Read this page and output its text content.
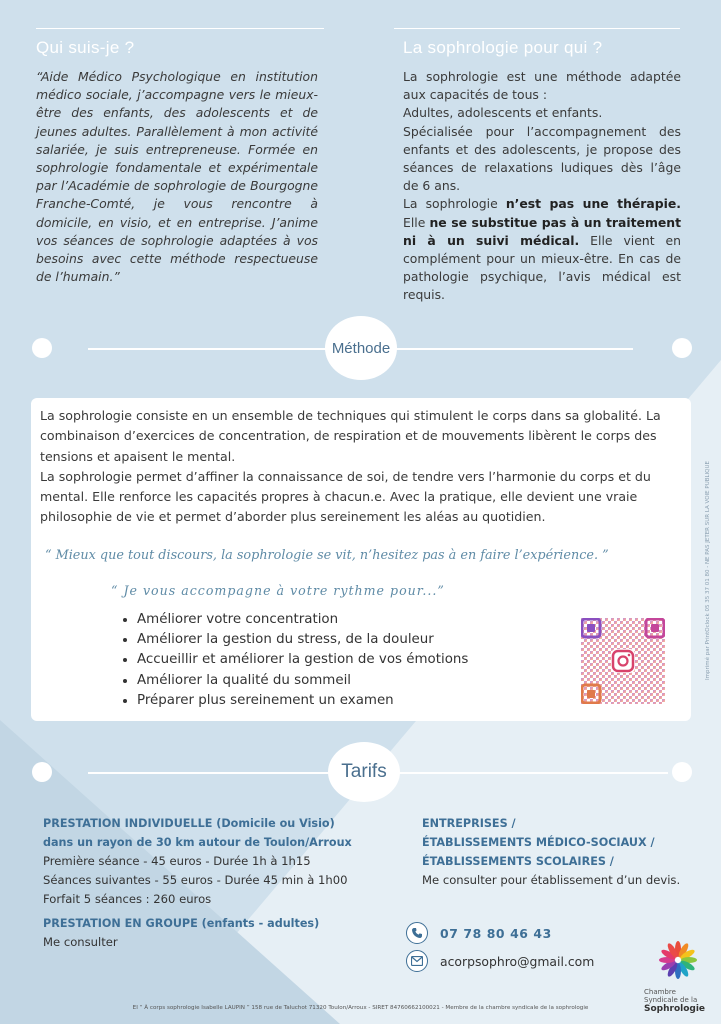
Qui suis-je ?
“Aide Médico Psychologique en institution médico sociale, j’accompagne vers le mieux-être des enfants, des adolescents et de jeunes adultes. Parallèlement à mon activité salariée, je suis entrepreneuse. Formée en sophrologie fondamentale et expérimentale par l’Académie de sophrologie de Bourgogne Franche-Comté, je vous rencontre à domicile, en visio, et en entreprise. J’anime vos séances de sophrologie adaptées à vos besoins avec cette méthode respectueuse de l’humain.”
La sophrologie pour qui ?

La sophrologie est une méthode adaptée aux capacités de tous :

Adultes, adolescents et enfants.

Spécialisée pour l’accompagnement des enfants et des adolescents, je propose des séances de relaxations ludiques dès l’âge de 6 ans.

La sophrologie n’est pas une thérapie. Elle ne se substitue pas à un traitement ni à un suivi médical. Elle vient en complément pour un mieux-être. En cas de pathologie psychique, l’avis médical est requis.

Méthode

La sophrologie consiste en un ensemble de techniques qui stimulent le corps dans sa globalité. La combinaison d’exercices de concentration, de respiration et de mouvements libèrent le corps des tensions et apaisent le mental.

La sophrologie permet d’affiner la connaissance de soi, de tendre vers l’harmonie du corps et du mental. Elle renforce les capacités propres à chacun.e. Avec la pratique, elle devient une vraie philosophie de vie et permet d’aborder plus sereinement les aléas au quotidien.

“ Mieux que tout discours, la sophrologie se vit, n’hesitez pas à en faire l’expérience. ”
“ Je vous accompagne à votre rythme pour...”
• Améliorer votre concentration
• Améliorer la gestion du stress, de la douleur
• Accueillir et améliorer la gestion de vos émotions
• Améliorer la qualité du sommeil
• Préparer plus sereinement un examen
Imprimé par PrintOclock 05 35 37 01 80 - NE PAS JETER SUR LA VOIE PUBLIQUE
Tarifs
PRESTATION INDIVIDUELLE (Domicile ou Visio)
dans un rayon de 30 km autour de Toulon/Arroux
Première séance - 45 euros - Durée 1h à 1h15
Séances suivantes - 55 euros - Durée 45 min à 1h00
Forfait 5 séances : 260 euros
PRESTATION EN GROUPE (enfants - adultes)
Me consulter
ENTREPRISES /
ÉTABLISSEMENTS MÉDICO-SOCIAUX /
ÉTABLISSEMENTS SCOLAIRES /
Me consulter pour établissement d’un devis.
07 78 80 46 43
acorpsophro@gmail.com
Chambre
Syndicale de la
Sophrologie
EI “ À corps sophrologie Isabelle LAUPIN ” 158 rue de Taluchot 71320 Toulon/Arroux - SIRET 84760662100021 - Membre de la chambre syndicale de la sophrologie
